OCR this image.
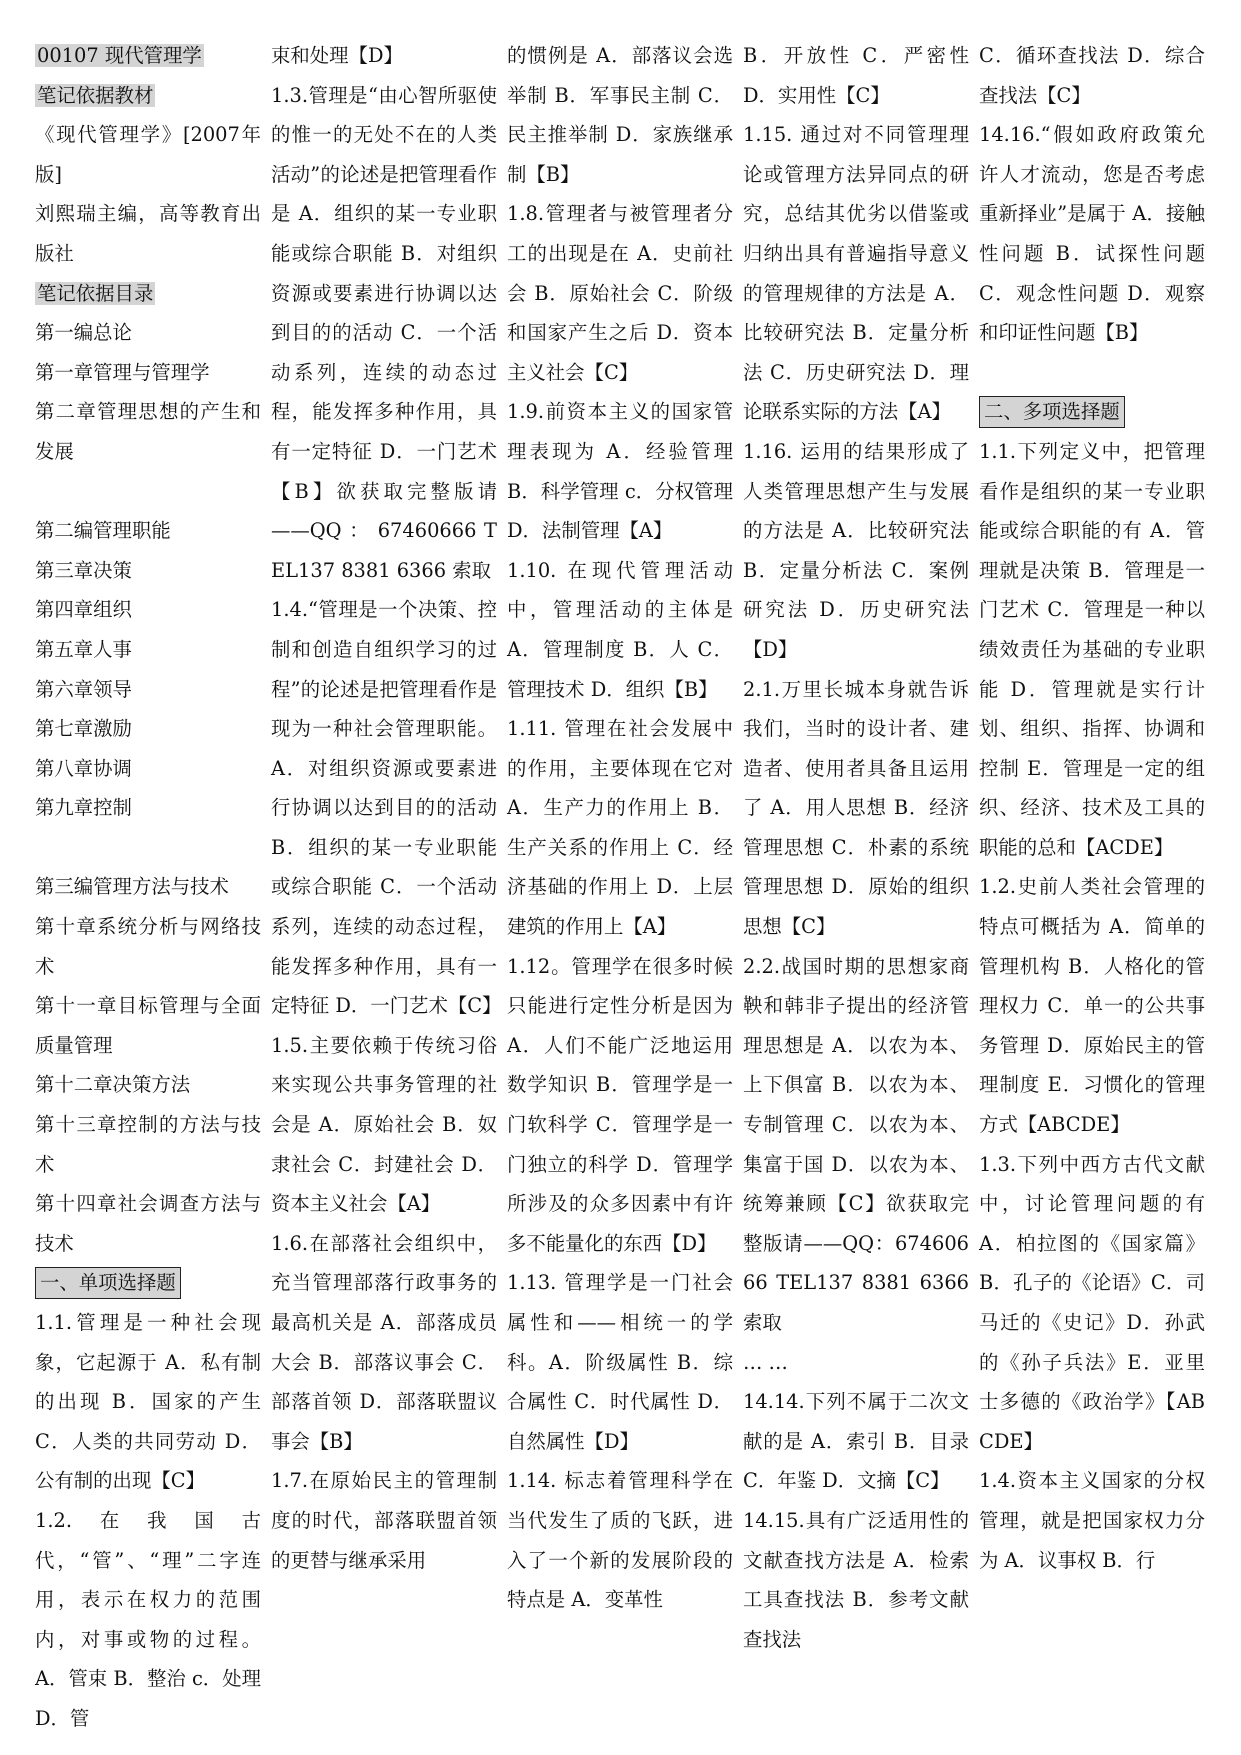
00107 现代管理学

笔记依据教材

《现代管理学》[2007年版]

刘熙瑞主编，高等教育出版社

笔记依据目录

第一编总论

第一章管理与管理学

第二章管理思想的产生和发展

第二编管理职能

第三章决策

第四章组织

第五章人事

第六章领导

第七章激励

第八章协调

第九章控制

第三编管理方法与技术

第十章系统分析与网络技术

第十一章目标管理与全面质量管理

第十二章决策方法

第十三章控制的方法与技术

第十四章社会调查方法与技术

一、单项选择题

1.1.管理是一种社会现象，它起源于 A．私有制的出现 B．国家的产生 C．人类的共同劳动 D．公有制的出现【C】

1.2.在我国古代，“管”、“理”二字连用，表示在权力的范围内，对事或物的过程。A．管束 B．整治 c．处理 D．管

束和处理【D】

1.3.管理是“由心智所驱使的惟一的无处不在的人类活动”的论述是把管理看作是 A．组织的某一专业职能或综合职能 B．对组织资源或要素进行协调以达到目的的活动 C．一个活动系列，连续的动态过程，能发挥多种作用，具有一定特征 D．一门艺术【B】欲获取完整版请——QQ ： 67460666 TEL137 8381 6366 索取

1.4.“管理是一个决策、控制和创造自组织学习的过程”的论述是把管理看作是现为一种社会管理职能。A．对组织资源或要素进行协调以达到目的的活动 B．组织的某一专业职能或综合职能 C．一个活动系列，连续的动态过程，能发挥多种作用，具有一定特征 D．一门艺术【C】

1.5.主要依赖于传统习俗来实现公共事务管理的社会是 A．原始社会 B．奴隶社会 C．封建社会 D．资本主义社会【A】

1.6.在部落社会组织中，充当管理部落行政事务的最高机关是 A．部落成员大会 B．部落议事会 C．部落首领 D．部落联盟议事会【B】

1.7.在原始民主的管理制度的时代，部落联盟首领的更替与继承采用

的惯例是 A．部落议会选举制 B．军事民主制 C．民主推举制 D．家族继承制【B】

1.8.管理者与被管理者分工的出现是在 A．史前社会 B．原始社会 C．阶级和国家产生之后 D．资本主义社会【C】

1.9.前资本主义的国家管理表现为 A．经验管理 B．科学管理 c．分权管理 D．法制管理【A】

1.10. 在现代管理活动中，管理活动的主体是 A．管理制度 B．人 C．管理技术 D．组织【B】

1.11. 管理在社会发展中的作用，主要体现在它对 A．生产力的作用上 B．生产关系的作用上 C．经济基础的作用上 D．上层建筑的作用上【A】

1.12。管理学在很多时候只能进行定性分析是因为 A．人们不能广泛地运用数学知识 B．管理学是一门软科学 C．管理学是一门独立的科学 D．管理学所涉及的众多因素中有许多不能量化的东西【D】

1.13. 管理学是一门社会属性和——相统一的学科。A．阶级属性 B．综合属性 C．时代属性 D．自然属性【D】

1.14. 标志着管理科学在当代发生了质的飞跃，进入了一个新的发展阶段的特点是 A．变革性

B．开放性 C．严密性 D．实用性【C】

1.15. 通过对不同管理理论或管理方法异同点的研究，总结其优劣以借鉴或归纳出具有普遍指导意义的管理规律的方法是 A．比较研究法 B．定量分析法 C．历史研究法 D．理论联系实际的方法【A】

1.16. 运用的结果形成了人类管理思想产生与发展的方法是 A．比较研究法 B．定量分析法 C．案例研究法 D．历史研究法【D】

2.1.万里长城本身就告诉我们，当时的设计者、建造者、使用者具备且运用了 A．用人思想 B．经济管理思想 C．朴素的系统管理思想 D．原始的组织思想【C】

2.2.战国时期的思想家商鞅和韩非子提出的经济管理思想是 A．以农为本、上下俱富 B．以农为本、专制管理 C．以农为本、集富于国 D．以农为本、统筹兼顾【C】欲获取完整版请——QQ：67460666 TEL137 8381 6366 索取

… …

14.14.下列不属于二次文献的是 A．索引 B．目录 C．年鉴 D．文摘【C】

14.15.具有广泛适用性的文献查找方法是 A．检索工具查找法 B．参考文献查找法

C．循环查找法 D．综合查找法【C】

14.16.“假如政府政策允许人才流动，您是否考虑重新择业”是属于 A．接触性问题 B．试探性问题 C．观念性问题 D．观察和印证性问题【B】

二、多项选择题

1.1.下列定义中，把管理看作是组织的某一专业职能或综合职能的有 A．管理就是决策 B．管理是一门艺术 C．管理是一种以绩效责任为基础的专业职能 D．管理就是实行计划、组织、指挥、协调和控制 E．管理是一定的组织、经济、技术及工具的职能的总和【ACDE】

1.2.史前人类社会管理的特点可概括为 A．简单的管理机构 B．人格化的管理权力 C．单一的公共事务管理 D．原始民主的管理制度 E．习惯化的管理方式【ABCDE】

1.3.下列中西方古代文献中，讨论管理问题的有 A．柏拉图的《国家篇》B．孔子的《论语》C．司马迁的《史记》D．孙武的《孙子兵法》E．亚里士多德的《政治学》【ABCDE】

1.4.资本主义国家的分权管理，就是把国家权力分为 A．议事权 B．行
